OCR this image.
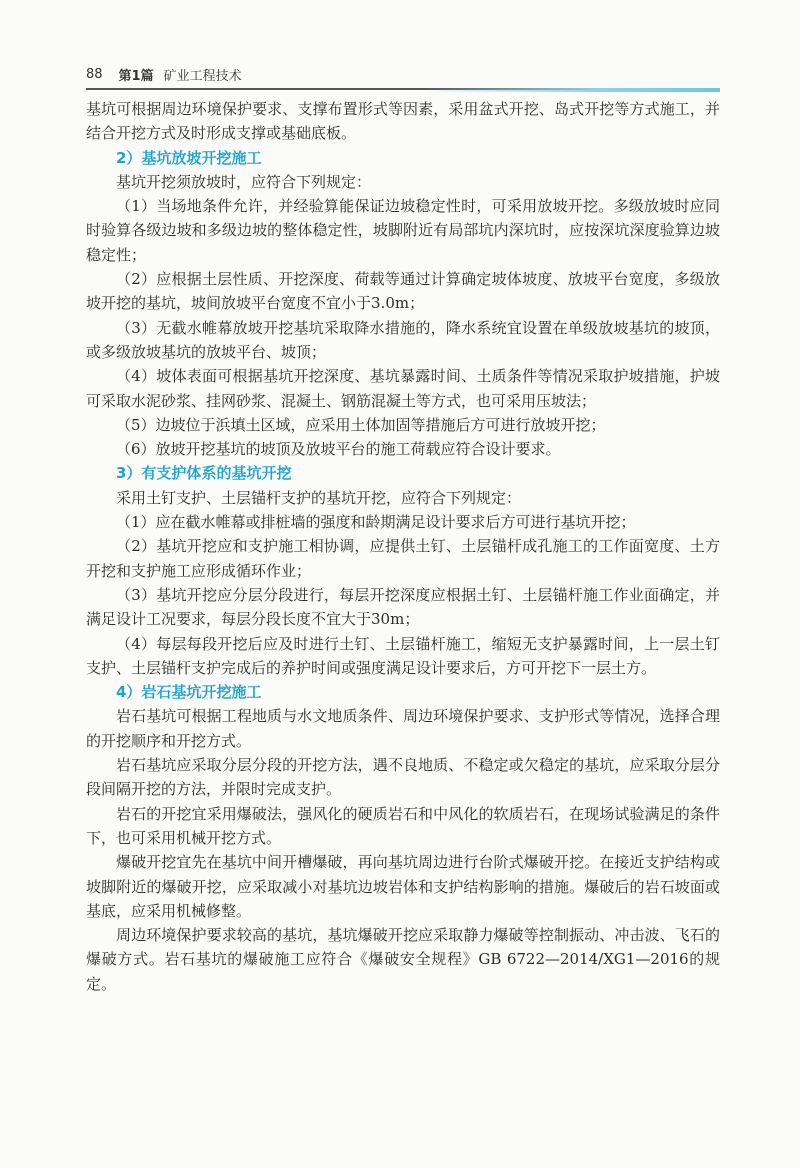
88 第1篇 矿业工程技术

基坑可根据周边环境保护要求、支撑布置形式等因素，采用盆式开挖、岛式开挖等方式施工，并结合开挖方式及时形成支撑或基础底板。

2）基坑放坡开挖施工

基坑开挖须放坡时，应符合下列规定：

（1）当场地条件允许，并经验算能保证边坡稳定性时，可采用放坡开挖。多级放坡时应同时验算各级边坡和多级边坡的整体稳定性，坡脚附近有局部坑内深坑时，应按深坑深度验算边坡稳定性；

（2）应根据土层性质、开挖深度、荷载等通过计算确定坡体坡度、放坡平台宽度，多级放坡开挖的基坑，坡间放坡平台宽度不宜小于3.0m；

（3）无截水帷幕放坡开挖基坑采取降水措施的，降水系统宜设置在单级放坡基坑的坡顶，或多级放坡基坑的放坡平台、坡顶；

（4）坡体表面可根据基坑开挖深度、基坑暴露时间、土质条件等情况采取护坡措施，护坡可采取水泥砂浆、挂网砂浆、混凝土、钢筋混凝土等方式，也可采用压坡法；

（5）边坡位于浜填土区域，应采用土体加固等措施后方可进行放坡开挖；

（6）放坡开挖基坑的坡顶及放坡平台的施工荷载应符合设计要求。

3）有支护体系的基坑开挖

采用土钉支护、土层锚杆支护的基坑开挖，应符合下列规定：

（1）应在截水帷幕或排桩墙的强度和龄期满足设计要求后方可进行基坑开挖；

（2）基坑开挖应和支护施工相协调，应提供土钉、土层锚杆成孔施工的工作面宽度、土方开挖和支护施工应形成循环作业；

（3）基坑开挖应分层分段进行，每层开挖深度应根据土钉、土层锚杆施工作业面确定，并满足设计工况要求，每层分段长度不宜大于30m；

（4）每层每段开挖后应及时进行土钉、土层锚杆施工，缩短无支护暴露时间，上一层土钉支护、土层锚杆支护完成后的养护时间或强度满足设计要求后，方可开挖下一层土方。

4）岩石基坑开挖施工

岩石基坑可根据工程地质与水文地质条件、周边环境保护要求、支护形式等情况，选择合理的开挖顺序和开挖方式。

岩石基坑应采取分层分段的开挖方法，遇不良地质、不稳定或欠稳定的基坑，应采取分层分段间隔开挖的方法，并限时完成支护。

岩石的开挖宜采用爆破法，强风化的硬质岩石和中风化的软质岩石，在现场试验满足的条件下，也可采用机械开挖方式。

爆破开挖宜先在基坑中间开槽爆破，再向基坑周边进行台阶式爆破开挖。在接近支护结构或坡脚附近的爆破开挖，应采取减小对基坑边坡岩体和支护结构影响的措施。爆破后的岩石坡面或基底，应采用机械修整。

周边环境保护要求较高的基坑，基坑爆破开挖应采取静力爆破等控制振动、冲击波、飞石的爆破方式。岩石基坑的爆破施工应符合《爆破安全规程》GB 6722—2014/XG1—2016的规定。
